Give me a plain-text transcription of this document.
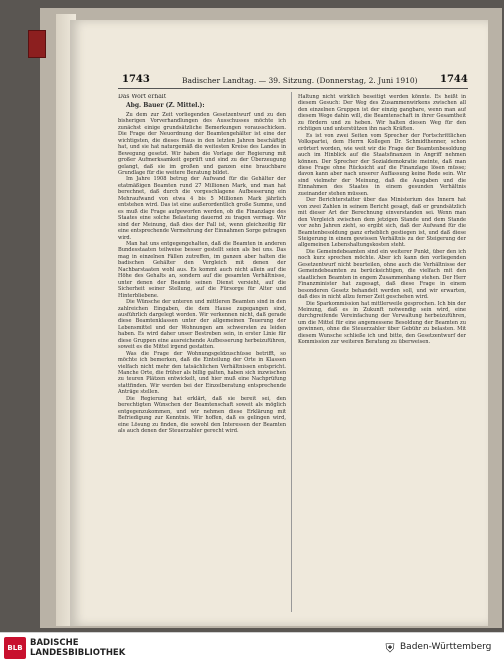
1743	Badischer Landtag. — 39. Sitzung. (Donnerstag, 2. Juni 1910) 1744

Das Wort erhält

Abg. Bauer (Z. Mittel.):

Zu dem zur Zeit vorliegenden Gesetzentwurf und zu den bisherigen Vorverhandlungen des Ausschusses möchte ich zunächst einige grundsätzliche Bemerkungen vorausschicken. Die Frage der Neuordnung der Beamtengehälter ist eine der wichtigsten, die dieses Haus in den letzten Jahren beschäftigt hat, und sie hat naturgemäß die weitesten Kreise des Landes in Bewegung gesetzt. Wir haben die Vorlage der Regierung mit großer Aufmerksamkeit geprüft und sind zu der Überzeugung gelangt, daß sie im großen und ganzen eine brauchbare Grundlage für die weitere Beratung bildet.

Im Jahre 1908 betrug der Aufwand für die Gehälter der etatmäßigen Beamten rund 27 Millionen Mark, und man hat berechnet, daß durch die vorgeschlagene Aufbesserung ein Mehraufwand von etwa 4 bis 5 Millionen Mark jährlich entstehen wird. Das ist eine außerordentlich große Summe, und es muß die Frage aufgeworfen werden, ob die Finanzlage des Staates eine solche Belastung dauernd zu tragen vermag. Wir sind der Meinung, daß dies der Fall ist, wenn gleichzeitig für eine entsprechende Vermehrung der Einnahmen Sorge getragen wird.

Man hat uns entgegengehalten, daß die Beamten in anderen Bundesstaaten teilweise besser gestellt seien als bei uns. Das mag in einzelnen Fällen zutreffen, im ganzen aber halten die badischen Gehälter den Vergleich mit denen der Nachbarstaaten wohl aus. Es kommt auch nicht allein auf die Höhe des Gehalts an, sondern auf die gesamten Verhältnisse, unter denen der Beamte seinen Dienst versieht, auf die Sicherheit seiner Stellung, auf die Fürsorge für Alter und Hinterbliebene.

Die Wünsche der unteren und mittleren Beamten sind in den zahlreichen Eingaben, die dem Hause zugegangen sind, ausführlich dargelegt worden. Wir verkennen nicht, daß gerade diese Beamtenklassen unter der allgemeinen Teuerung der Lebensmittel und der Wohnungen am schwersten zu leiden haben. Es wird daher unser Bestreben sein, in erster Linie für diese Gruppen eine ausreichende Aufbesserung herbeizuführen, soweit es die Mittel irgend gestatten.

Was die Frage der Wohnungsgeldzuschüsse betrifft, so möchte ich bemerken, daß die Einteilung der Orte in Klassen vielfach nicht mehr den tatsächlichen Verhältnissen entspricht. Manche Orte, die früher als billig galten, haben sich inzwischen zu teuren Plätzen entwickelt, und hier muß eine Nachprüfung stattfinden. Wir werden bei der Einzelberatung entsprechende Anträge stellen.

Die Regierung hat erklärt, daß sie bereit sei, den berechtigten Wünschen der Beamtenschaft soweit als möglich entgegenzukommen, und wir nehmen diese Erklärung mit Befriedigung zur Kenntnis. Wir hoffen, daß es gelingen wird, eine Lösung zu finden, die sowohl den Interessen der Beamten als auch denen der Steuerzahler gerecht wird.

Haltung nicht wirklich beseitigt werden könnte. Es heißt in diesem Gesuch: Der Weg des Zusammenwirkens zwischen all den einzelnen Gruppen ist der einzig gangbare, wenn man auf diesem Wege dahin will, die Beamtenschaft in ihrer Gesamtheit zu fördern und zu heben. Wir halten diesen Weg für den richtigen und unterstützen ihn nach Kräften.

Es ist von zwei Seiten vom Sprecher der Fortschrittlichen Volkspartei, dem Herrn Kollegen Dr. Schmidthenner, schon erörtert worden, wie weit wir die Frage der Beamtenbesoldung auch im Hinblick auf die Staatsfinanzen in Angriff nehmen können. Der Sprecher der Sozialdemokratie meinte, daß man diese Frage ohne Rücksicht auf die Finanzlage lösen müsse; davon kann aber nach unserer Auffassung keine Rede sein. Wir sind vielmehr der Meinung, daß die Ausgaben und die Einnahmen des Staates in einem gesunden Verhältnis zueinander stehen müssen.

Der Berichterstatter über das Ministerium des Innern hat von zwei Zahlen in seinem Bericht gesagt, daß er grundsätzlich mit dieser Art der Berechnung einverstanden sei. Wenn man den Vergleich zwischen dem jetzigen Stande und dem Stande vor zehn Jahren zieht, so ergibt sich, daß der Aufwand für die Beamtenbesoldung ganz erheblich gestiegen ist, und daß diese Steigerung in einem gewissen Verhältnis zu der Steigerung der allgemeinen Lebenshaltungskosten steht.

Die Gemeindebeamten sind ein weiterer Punkt, über den ich noch kurz sprechen möchte. Aber ich kann den vorliegenden Gesetzentwurf nicht beurteilen, ohne auch die Verhältnisse der Gemeindebeamten zu berücksichtigen, die vielfach mit den staatlichen Beamten in engem Zusammenhang stehen. Der Herr Finanzminister hat zugesagt, daß diese Frage in einem besonderen Gesetz behandelt werden soll, und wir erwarten, daß dies in nicht allzu ferner Zeit geschehen wird.

Die Sparkommission hat mittlerweile gesprochen. Ich bin der Meinung, daß es in Zukunft notwendig sein wird, eine durchgreifende Vereinfachung der Verwaltung herbeizuführen, um die Mittel für eine angemessene Besoldung der Beamten zu gewinnen, ohne die Steuerzahler über Gebühr zu belasten. Mit diesem Wunsche schließe ich und bitte, den Gesetzentwurf der Kommission zur weiteren Beratung zu überweisen.

BLB BADISCHE
LANDESBIBLIOTHEK	⛨ Baden-Württemberg
